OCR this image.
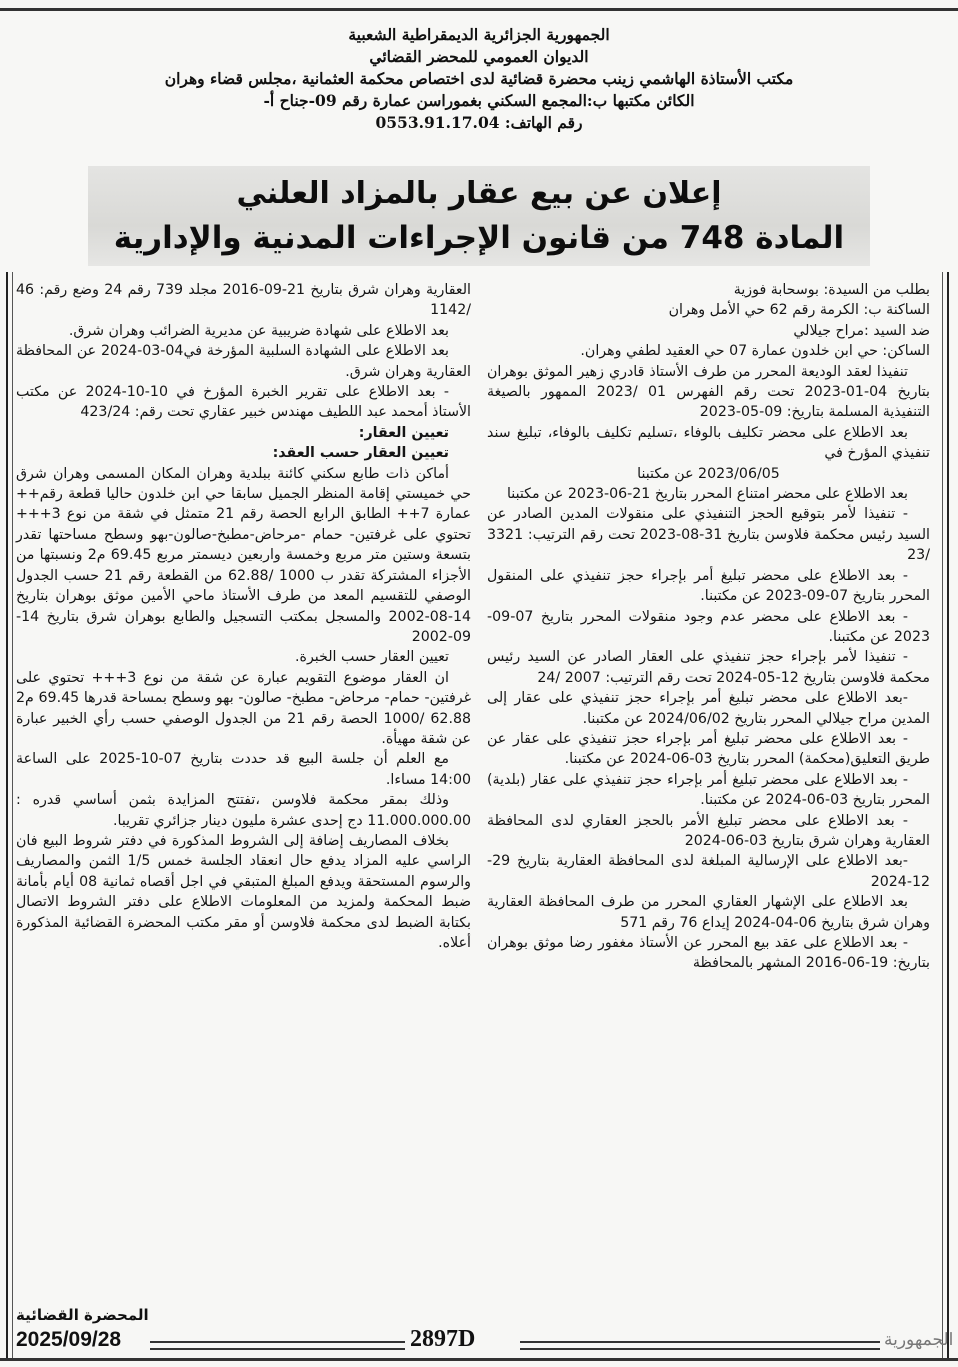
الجمهورية الجزائرية الديمقراطية الشعبية
الديوان العمومي للمحضر القضائي
مكتب الأستاذة الهاشمي زينب محضرة قضائية لدى اختصاص محكمة العثمانية ،مجلس قضاء وهران
الكائن مكتبها ب:المجمع السكني بغموراسن عمارة رقم 09-جناح أ-
رقم الهاتف: 0553.91.17.04
إعلان عن بيع عقار بالمزاد العلني
المادة 748 من قانون الإجراءات المدنية والإدارية

بطلب من السيدة: بوسحابة فوزية

الساكنة ب: الكرمة رقم 62 حي الأمل وهران

ضد السيد :مراح جيلالي

الساكن: حي ابن خلدون عمارة 07 حي العقيد لطفي وهران.

تنفيذا لعقد الوديعة المحرر من طرف الأستاذ قادري زهير الموثق بوهران بتاريخ 04-01-2023 تحت رقم الفهرس 01 /2023 الممهور بالصيغة التنفيذية المسلمة بتاريخ: 09-05-2023

بعد الاطلاع على محضر تكليف بالوفاء ،تسليم تكليف بالوفاء، تبليغ سند تنفيذي المؤرخ في

2023/06/05 عن مكتبنا

بعد الاطلاع على محضر امتناع المحرر بتاريخ 21-06-2023 عن مكتبنا

- تنفيذا لأمر بتوقيع الحجز التنفيذي على منقولات المدين الصادر عن السيد رئيس محكمة فلاوسن بتاريخ 31-08-2023 تحت رقم الترتيب: 3321 /23

- بعد الاطلاع على محضر تبليغ أمر بإجراء حجز تنفيذي على المنقول المحرر بتاريخ 07-09-2023 عن مكتبنا.

- بعد الاطلاع على محضر عدم وجود منقولات المحرر بتاريخ 07-09-2023 عن مكتبنا.

- تنفيذا لأمر بإجراء حجز تنفيذي على العقار الصادر عن السيد رئيس محكمة فلاوسن بتاريخ 12-05-2024 تحت رقم الترتيب: 2007 /24

-بعد الاطلاع على محضر تبليغ أمر بإجراء حجز تنفيذي على عقار إلى المدين مراح جيلالي المحرر بتاريخ 2024/06/02 عن مكتبنا.

- بعد الاطلاع على محضر تبليغ أمر بإجراء حجز تنفيذي على عقار عن طريق التعليق(محكمة) المحرر بتاريخ 03-06-2024 عن مكتبنا.

- بعد الاطلاع على محضر تبليغ أمر بإجراء حجز تنفيذي على عقار (بلدية) المحرر بتاريخ 03-06-2024 عن مكتبنا.

- بعد الاطلاع على محضر تبليغ الأمر بالحجز العقاري لدى المحافظة العقارية وهران شرق بتاريخ 03-06-2024

-بعد الاطلاع على الإرسالية المبلغة لدى المحافظة العقارية بتاريخ 29-12-2024

بعد الاطلاع على الإشهار العقاري المحرر من طرف المحافظة العقارية وهران شرق بتاريخ 06-04-2024 إيداع 76 رقم 571

- بعد الاطلاع على عقد بيع المحرر عن الأستاذ مغفور رضا موثق بوهران بتاريخ: 19-06-2016 المشهر بالمحافظة

العقارية وهران شرق بتاريخ 21-09-2016 مجلد 739 رقم 24 وضع رقم: 46 /1142

بعد الاطلاع على شهادة ضريبية عن مديرية الضرائب وهران شرق.

بعد الاطلاع على الشهادة السلبية المؤرخة في04-03-2024 عن المحافظة العقارية وهران شرق.

- بعد الاطلاع على تقرير الخبرة المؤرخ في 10-10-2024 عن مكتب الأستاذ أمحمد عبد اللطيف مهندس خبير عقاري تحت رقم: 423/24

تعيين العقار:

تعيين العقار حسب العقد:

أماكن ذات طابع سكني كائنة ببلدية وهران المكان المسمى وهران شرق حي خميستي إقامة المنظر الجميل سابقا حي ابن خلدون حاليا قطعة رقم++ عمارة 7++ الطابق الرابع الحصة رقم 21 متمثل في شقة من نوع 3+++ تحتوي على غرفتين- حمام -مرحاض-مطبخ-صالون-بهو وسطح مساحتها تقدر بتسعة وستين متر مربع وخمسة واربعين ديسمتر مربع 69.45 م2 ونسبتها من الأجزاء المشتركة تقدر ب 1000 /62.88 من القطعة رقم 21 حسب الجدول الوصفي للتقسيم المعد من طرف الأستاذ ماحي الأمين موثق بوهران بتاريخ 14-08-2002 والمسجل بمكتب التسجيل والطابع بوهران شرق بتاريخ 14-09-2002

تعيين العقار حسب الخبرة.

ان العقار موضوع التقويم عبارة عن شقة من نوع 3+++ تحتوي على غرفتين- حمام- مرحاض- مطبخ- صالون- بهو وسطح بمساحة قدرها 69.45 م2 62.88 /1000 الحصة رقم 21 من الجدول الوصفي حسب رأي الخبير عبارة عن شقة مهيأة.

مع العلم أن جلسة البيع قد حددت بتاريخ 07-10-2025 على الساعة 14:00 مساءا.

وذلك بمقر محكمة فلاوسن ،تفتتح المزايدة بثمن أساسي قدره : 11.000.000.00 دج إحدى عشرة مليون دينار جزائري تقريبا.

بخلاف المصاريف إضافة إلى الشروط المذكورة في دفتر شروط البيع فان الراسي عليه المزاد يدفع حال انعقاد الجلسة خمس 1/5 الثمن والمصاريف والرسوم المستحقة ويدفع المبلغ المتبقي في اجل أقصاه ثمانية 08 أيام بأمانة ضبط المحكمة ولمزيد من المعلومات الاطلاع على دفتر الشروط الاتصال بكتابة الضبط لدى محكمة فلاوسن أو مقر مكتب المحضرة القضائية المذكورة أعلاه.

المحضرة القضائية
2025/09/28	2897D	الجمهورية
